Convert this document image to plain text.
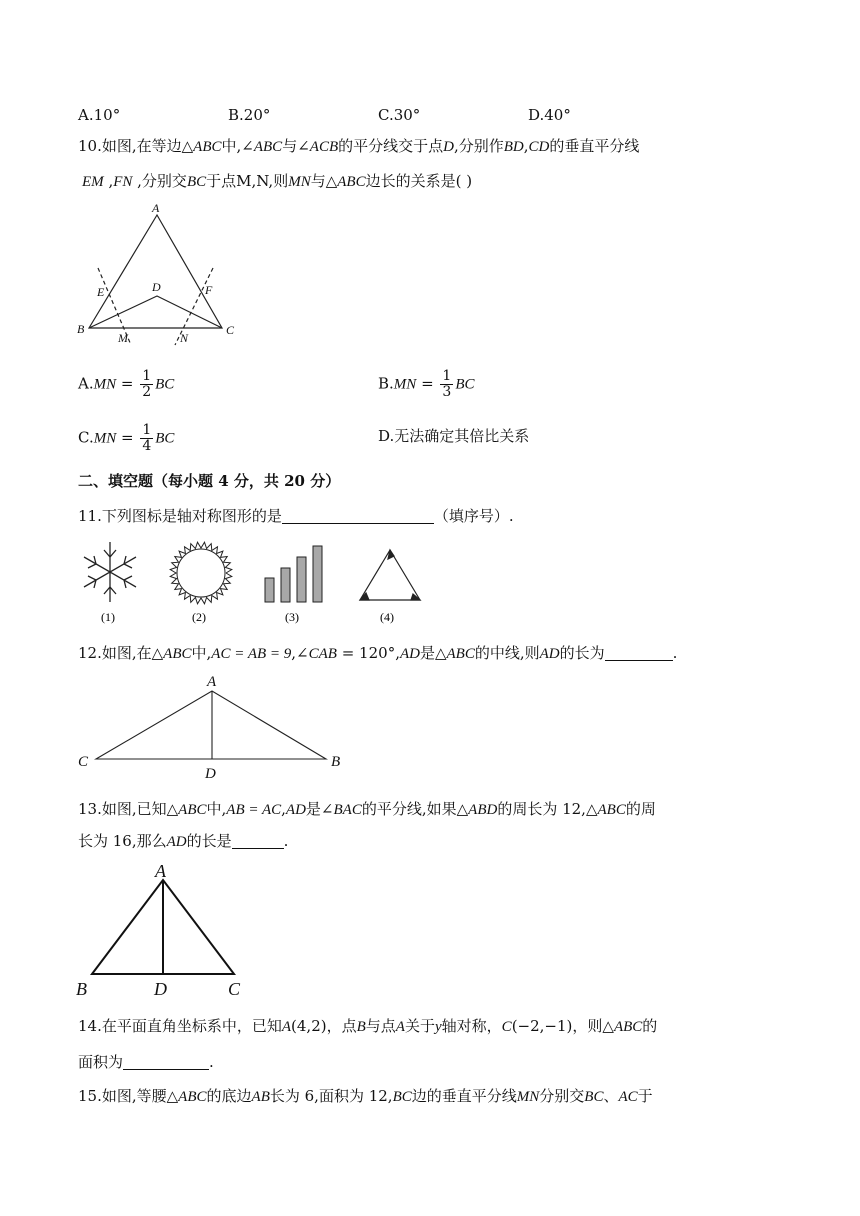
A.10°	B.20°	C.30°	D.40°
10.如图,在等边△ABC中,∠ABC与∠ACB的平分线交于点D,分别作BD,CD的垂直平分线
EM ,FN ,分别交BC于点M,N,则MN与△ABC边长的关系是( )
A
B	C
D
E	F
M	N
$A.MN = \frac{1}{2}$ BC	$B.MN = \frac{1}{3}$ BC
$C.MN = \frac{1}{4}$ BC	D.无法确定其倍比关系
二、填空题（每小题 4 分，共 20 分）
11.下列图标是轴对称图形的是	（填序号）.
(1)	(2)	(3)	(4)
12.如图,在△ABC中,AC = AB = 9,∠CAB = 120°,AD是△ABC的中线,则AD的长为	.
A
B
C
D
13.如图,已知△ABC中,AB = AC,AD是∠BAC的平分线,如果△ABD的周长为 12,△ABC的周
长为 16,那么AD的长是	.
A
B	D	C
14.在平面直角坐标系中，已知A(4,2)，点B与点A关于y轴对称，C(−2,−1)，则△ABC的
面积为	.
15.如图,等腰△ABC的底边AB长为 6,面积为 12,BC边的垂直平分线MN分别交BC、AC于
